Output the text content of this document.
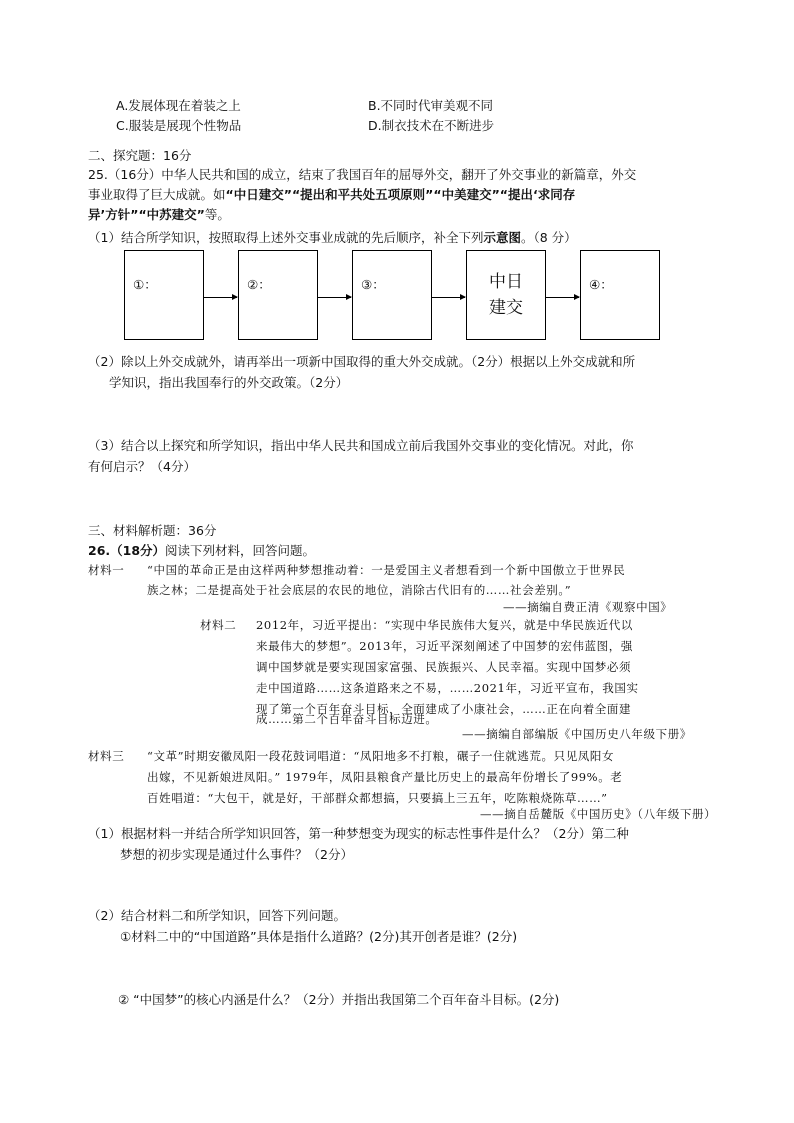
A.发展体现在着装之上	B.不同时代审美观不同
C.服装是展现个性物品	D.制衣技术在不断进步
二、探究题：16分
25.（16分）中华人民共和国的成立，结束了我国百年的屈辱外交，翻开了外交事业的新篇章，外交
事业取得了巨大成就。如“中日建交”“提出和平共处五项原则”“中美建交”“提出‘求同存
异’方针”“中苏建交”等。
（1）结合所学知识，按照取得上述外交事业成就的先后顺序，补全下列示意图。（8 分）
①：	②：	③：	中日建交
④：
（2）除以上外交成就外，请再举出一项新中国取得的重大外交成就。（2分）根据以上外交成就和所
学知识，指出我国奉行的外交政策。（2分）
（3）结合以上探究和所学知识，指出中华人民共和国成立前后我国外交事业的变化情况。对此，你
有何启示？（4分）
三、材料解析题：36分
26.（18分）阅读下列材料，回答问题。
材料一 “中国的革命正是由这样两种梦想推动着：一是爱国主义者想看到一个新中国傲立于世界民
族之林；二是提高处于社会底层的农民的地位，消除古代旧有的……社会差别。”
——摘编自费正清《观察中国》
材料二 2012年，习近平提出：“实现中华民族伟大复兴，就是中华民族近代以
来最伟大的梦想”。2013年，习近平深刻阐述了中国梦的宏伟蓝图，强
调中国梦就是要实现国家富强、民族振兴、人民幸福。实现中国梦必须
走中国道路……这条道路来之不易，……2021年，习近平宣布，我国实
现了第一个百年奋斗目标，全面建成了小康社会，……正在向着全面建
成……第二个百年奋斗目标迈进。
——摘编自部编版《中国历史八年级下册》
材料三 “文革”时期安徽凤阳一段花鼓词唱道：“凤阳地多不打粮，碾子一住就逃荒。只见凤阳女
出嫁，不见新娘进凤阳。” 1979年，凤阳县粮食产量比历史上的最高年份增长了99%。老
百姓唱道：“大包干，就是好，干部群众都想搞，只要搞上三五年，吃陈粮烧陈草……”
——摘自岳麓版《中国历史》（八年级下册）
（1）根据材料一并结合所学知识回答，第一种梦想变为现实的标志性事件是什么？（2分）第二种
梦想的初步实现是通过什么事件？（2分）
（2）结合材料二和所学知识，回答下列问题。
①材料二中的“中国道路”具体是指什么道路？(2分)其开创者是谁？(2分)
② “中国梦”的核心内涵是什么？（2分）并指出我国第二个百年奋斗目标。(2分)
